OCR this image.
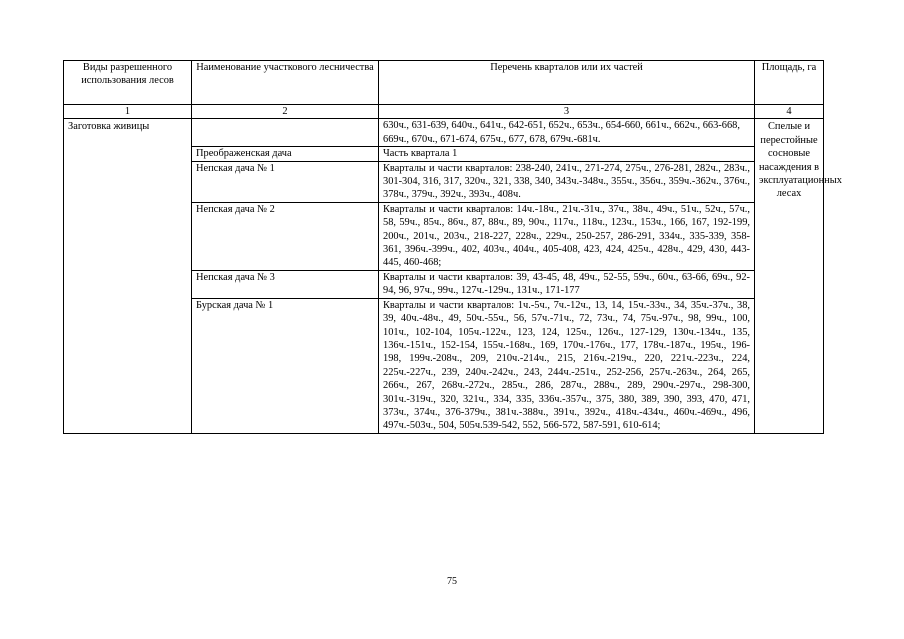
Виды разрешенного использования лесов	Наименование участкового лесничества	Перечень кварталов или их частей	Площадь, га
1	2	3	4
Заготовка живицы		630ч., 631-639, 640ч., 641ч., 642-651, 652ч., 653ч., 654-660, 661ч., 662ч., 663-668, 669ч., 670ч., 671-674, 675ч., 677, 678, 679ч.-681ч.	Спелые и перестойные сосновые насаждения в эксплуатационных лесах
	Преображенская дача	Часть квартала 1	
	Непская дача № 1	Кварталы и части кварталов: 238-240, 241ч., 271-274, 275ч., 276-281, 282ч., 283ч., 301-304, 316, 317, 320ч., 321, 338, 340, 343ч.-348ч., 355ч., 356ч., 359ч.-362ч., 376ч., 378ч., 379ч., 392ч., 393ч., 408ч.	
	Непская дача № 2	Кварталы и части кварталов: 14ч.-18ч., 21ч.-31ч., 37ч., 38ч., 49ч., 51ч., 52ч., 57ч., 58, 59ч., 85ч., 86ч., 87, 88ч., 89, 90ч., 117ч., 118ч., 123ч., 153ч., 166, 167, 192-199, 200ч., 201ч., 203ч., 218-227, 228ч., 229ч., 250-257, 286-291, 334ч., 335-339, 358-361, 396ч.-399ч., 402, 403ч., 404ч., 405-408, 423, 424, 425ч., 428ч., 429, 430, 443-445, 460-468;	
	Непская дача № 3	Кварталы и части кварталов: 39, 43-45, 48, 49ч., 52-55, 59ч., 60ч., 63-66, 69ч., 92-94, 96, 97ч., 99ч., 127ч.-129ч., 131ч., 171-177	
	Бурская дача № 1	Кварталы и части кварталов: 1ч.-5ч., 7ч.-12ч., 13, 14, 15ч.-33ч., 34, 35ч.-37ч., 38, 39, 40ч.-48ч., 49, 50ч.-55ч., 56, 57ч.-71ч., 72, 73ч., 74, 75ч.-97ч., 98, 99ч., 100, 101ч., 102-104, 105ч.-122ч., 123, 124, 125ч., 126ч., 127-129, 130ч.-134ч., 135, 136ч.-151ч., 152-154, 155ч.-168ч., 169, 170ч.-176ч., 177, 178ч.-187ч., 195ч., 196-198, 199ч.-208ч., 209, 210ч.-214ч., 215, 216ч.-219ч., 220, 221ч.-223ч., 224, 225ч.-227ч., 239, 240ч.-242ч., 243, 244ч.-251ч., 252-256, 257ч.-263ч., 264, 265, 266ч., 267, 268ч.-272ч., 285ч., 286, 287ч., 288ч., 289, 290ч.-297ч., 298-300, 301ч.-319ч., 320, 321ч., 334, 335, 336ч.-357ч., 375, 380, 389, 390, 393, 470, 471, 373ч., 374ч., 376-379ч., 381ч.-388ч., 391ч., 392ч., 418ч.-434ч., 460ч.-469ч., 496, 497ч.-503ч., 504, 505ч.539-542, 552, 566-572, 587-591, 610-614;	
75
